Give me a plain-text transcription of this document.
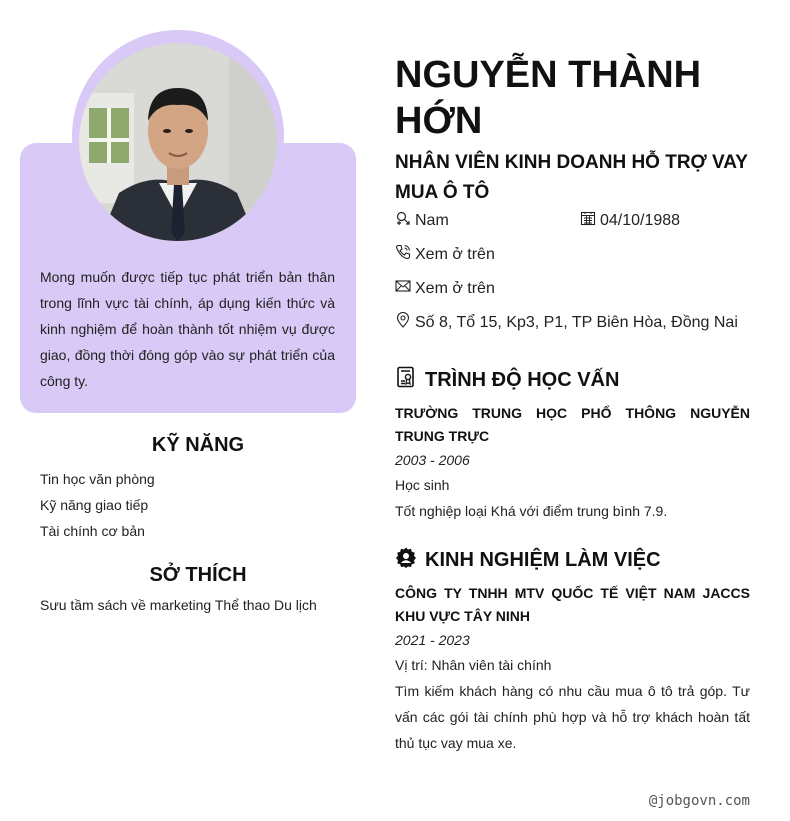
Mong muốn được tiếp tục phát triển bản thân trong lĩnh vực tài chính, áp dụng kiến thức và kinh nghiệm để hoàn thành tốt nhiệm vụ được giao, đồng thời đóng góp vào sự phát triển của công ty.
KỸ NĂNG
Tin học văn phòng
Kỹ năng giao tiếp
Tài chính cơ bản
SỞ THÍCH
Sưu tầm sách về marketing Thể thao Du lịch
NGUYỄN THÀNH HỚN
NHÂN VIÊN KINH DOANH HỖ TRỢ VAY MUA Ô TÔ
Nam	04/10/1988
Xem ở trên
Xem ở trên
Số 8, Tổ 15, Kp3, P1, TP Biên Hòa, Đồng Nai
TRÌNH ĐỘ HỌC VẤN
TRƯỜNG TRUNG HỌC PHỔ THÔNG NGUYỄN TRUNG TRỰC
2003 - 2006
Học sinh
Tốt nghiệp loại Khá với điểm trung bình 7.9.
KINH NGHIỆM LÀM VIỆC
CÔNG TY TNHH MTV QUỐC TẾ VIỆT NAM JACCS KHU VỰC TÂY NINH
2021 - 2023
Vị trí: Nhân viên tài chính
Tìm kiếm khách hàng có nhu cầu mua ô tô trả góp. Tư vấn các gói tài chính phù hợp và hỗ trợ khách hoàn tất thủ tục vay mua xe.
@jobgovn.com
